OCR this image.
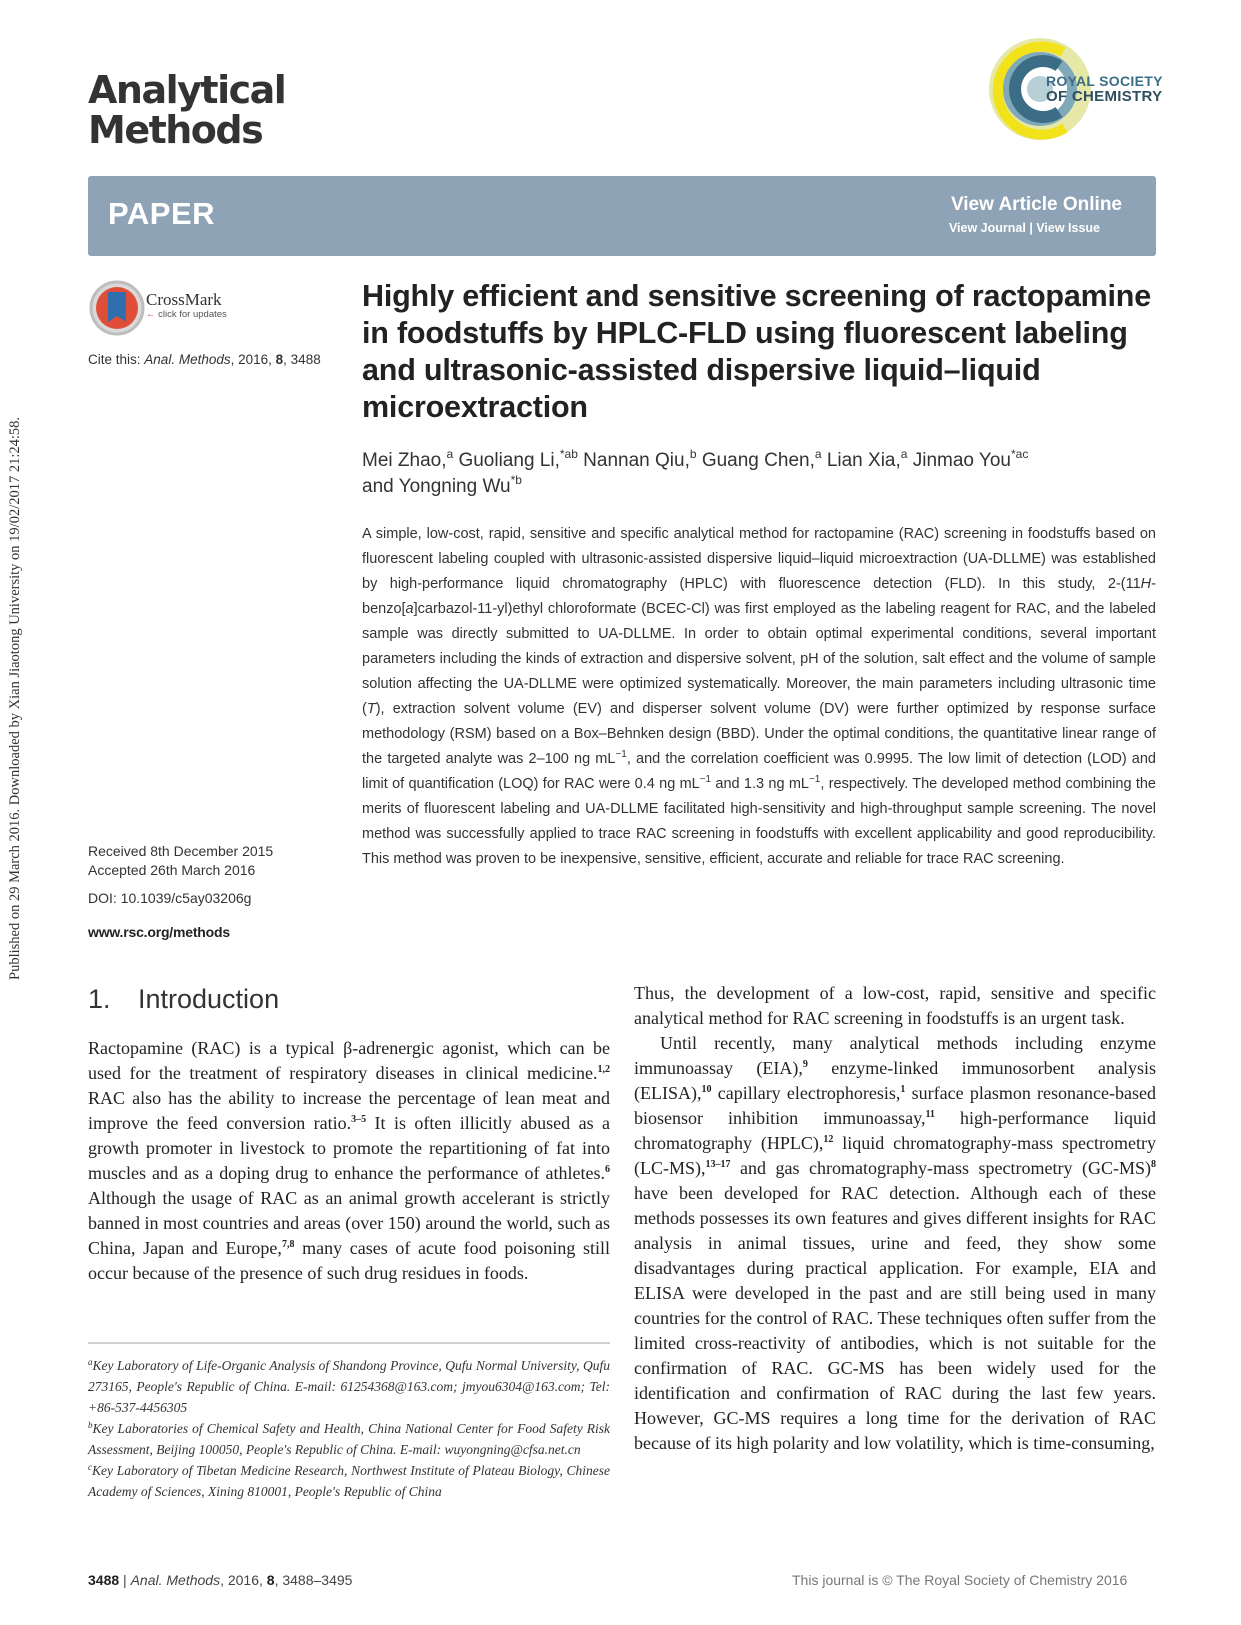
Published on 29 March 2016. Downloaded by Xian Jiaotong University on 19/02/2017 21:24:58.
Analytical
Methods
ROYAL SOCIETY
OF CHEMISTRY
PAPER	View Article Online
View Journal | View Issue
CrossMark
← click for updates
Cite this: Anal. Methods, 2016, 8, 3488
Received 8th December 2015
Accepted 26th March 2016
DOI: 10.1039/c5ay03206g
www.rsc.org/methods
Highly efficient and sensitive screening of ractopamine in foodstuffs by HPLC-FLD using fluorescent labeling and ultrasonic-assisted dispersive liquid–liquid microextraction
Mei Zhao,$^a$ Guoliang Li,$^{*ab}$ Nannan Qiu,$^b$ Guang Chen,$^a$ Lian Xia,$^a$ Jinmao You$^{*ac}$
and Yongning Wu$^{*b}$
A simple, low-cost, rapid, sensitive and specific analytical method for ractopamine (RAC) screening in foodstuffs based on fluorescent labeling coupled with ultrasonic-assisted dispersive liquid–liquid microextraction (UA-DLLME) was established by high-performance liquid chromatography (HPLC) with fluorescence detection (FLD). In this study, 2-(11H-benzo[a]carbazol-11-yl)ethyl chloroformate (BCEC-Cl) was first employed as the labeling reagent for RAC, and the labeled sample was directly submitted to UA-DLLME. In order to obtain optimal experimental conditions, several important parameters including the kinds of extraction and dispersive solvent, pH of the solution, salt effect and the volume of sample solution affecting the UA-DLLME were optimized systematically. Moreover, the main parameters including ultrasonic time (T), extraction solvent volume (EV) and disperser solvent volume (DV) were further optimized by response surface methodology (RSM) based on a Box–Behnken design (BBD). Under the optimal conditions, the quantitative linear range of the targeted analyte was 2–100 ng $mL^{-1}$, and the correlation coefficient was 0.9995. The low limit of detection (LOD) and limit of quantification (LOQ) for RAC were 0.4 ng $mL^{-1}$ and 1.3 ng $mL^{-1}$, respectively. The developed method combining the merits of fluorescent labeling and UA-DLLME facilitated high-sensitivity and high-throughput sample screening. The novel method was successfully applied to trace RAC screening in foodstuffs with excellent applicability and good reproducibility. This method was proven to be inexpensive, sensitive, efficient, accurate and reliable for trace RAC screening.
1. Introduction

Ractopamine (RAC) is a typical β-adrenergic agonist, which can be used for the treatment of respiratory diseases in clinical medicine.$^{1,2}$ RAC also has the ability to increase the percentage of lean meat and improve the feed conversion ratio.$^{3-5}$ It is often illicitly abused as a growth promoter in livestock to promote the repartitioning of fat into muscles and as a doping drug to enhance the performance of athletes.$^6$ Although the usage of RAC as an animal growth accelerant is strictly banned in most countries and areas (over 150) around the world, such as China, Japan and Europe,$^{7,8}$ many cases of acute food poisoning still occur because of the presence of such drug residues in foods.

$^a$Key Laboratory of Life-Organic Analysis of Shandong Province, Qufu Normal University, Qufu 273165, People's Republic of China. E-mail: 61254368@163.com; jmyou6304@163.com; Tel: +86-537-4456305

$^b$Key Laboratories of Chemical Safety and Health, China National Center for Food Safety Risk Assessment, Beijing 100050, People's Republic of China. E-mail: wuyongning@cfsa.net.cn

$^c$Key Laboratory of Tibetan Medicine Research, Northwest Institute of Plateau Biology, Chinese Academy of Sciences, Xining 810001, People's Republic of China

Thus, the development of a low-cost, rapid, sensitive and specific analytical method for RAC screening in foodstuffs is an urgent task.

Until recently, many analytical methods including enzyme immunoassay (EIA),$^9$ enzyme-linked immunosorbent analysis (ELISA),$^{10}$ capillary electrophoresis,$^1$ surface plasmon resonance-based biosensor inhibition immunoassay,$^{11}$ high-performance liquid chromatography (HPLC),$^{12}$ liquid chromatography-mass spectrometry (LC-MS),$^{13-17}$ and gas chromatography-mass spectrometry $(GC-MS)^8$ have been developed for RAC detection. Although each of these methods possesses its own features and gives different insights for RAC analysis in animal tissues, urine and feed, they show some disadvantages during practical application. For example, EIA and ELISA were developed in the past and are still being used in many countries for the control of RAC. These techniques often suffer from the limited cross-reactivity of antibodies, which is not suitable for the confirmation of RAC. GC-MS has been widely used for the identification and confirmation of RAC during the last few years. However, GC-MS requires a long time for the derivation of RAC because of its high polarity and low volatility, which is time-consuming,

3488 | Anal. Methods, 2016, 8, 3488–3495	This journal is © The Royal Society of Chemistry 2016
